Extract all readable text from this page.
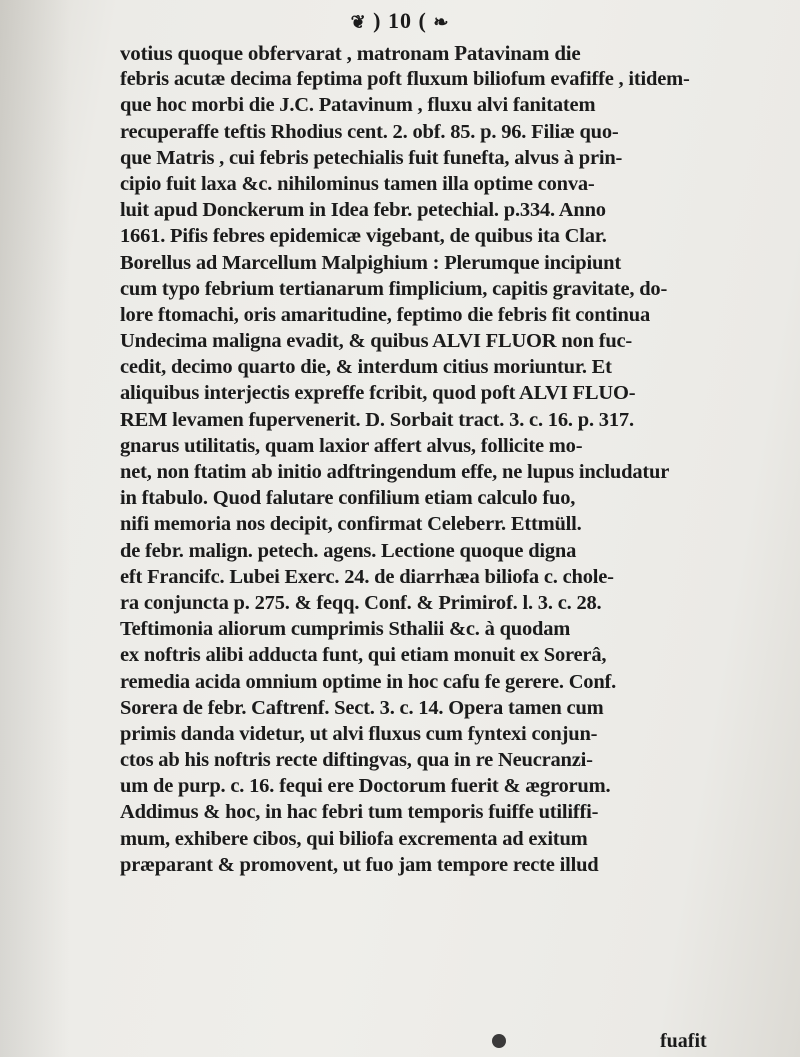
❦ ) 10 ( ❧
votius quoque obfervarat , matronam Patavinam die
febris acutæ decima feptima poft fluxum biliofum evafiffe , itidem-
que hoc morbi die J.C. Patavinum , fluxu alvi fanitatem
recuperaffe teftis Rhodius cent. 2. obf. 85. p. 96. Filiæ quo-
que Matris , cui febris petechialis fuit funefta, alvus à prin-
cipio fuit laxa &c. nihilominus tamen illa optime conva-
luit apud Donckerum in Idea febr. petechial. p.334. Anno
1661. Pifis febres epidemicæ vigebant, de quibus ita Clar.
Borellus ad Marcellum Malpighium : Plerumque incipiunt
cum typo febrium tertianarum fimplicium, capitis gravitate, do-
lore ftomachi, oris amaritudine, feptimo die febris fit continua
Undecima maligna evadit, & quibus ALVI FLUOR non fuc-
cedit, decimo quarto die, & interdum citius moriuntur. Et
aliquibus interjectis expreffe fcribit, quod poft ALVI FLUO-
REM levamen fupervenerit. D. Sorbait tract. 3. c. 16. p. 317.
gnarus utilitatis, quam laxior affert alvus, follicite mo-
net, non ftatim ab initio adftringendum effe, ne lupus includatur
in ftabulo. Quod falutare confilium etiam calculo fuo,
nifi memoria nos decipit, confirmat Celeberr. Ettmüll.
de febr. malign. petech. agens. Lectione quoque digna
eft Francifc. Lubei Exerc. 24. de diarrhæa biliofa c. chole-
ra conjuncta p. 275. & feqq. Conf. & Primirof. l. 3. c. 28.
Teftimonia aliorum cumprimis Sthalii &c. à quodam
ex noftris alibi adducta funt, qui etiam monuit ex Sorerâ,
remedia acida omnium optime in hoc cafu fe gerere. Conf.
Sorera de febr. Caftrenf. Sect. 3. c. 14. Opera tamen cum
primis danda videtur, ut alvi fluxus cum fyntexi conjun-
ctos ab his noftris recte diftingvas, qua in re Neucranzi-
um de purp. c. 16. fequi ere Doctorum fuerit & ægrorum.
Addimus & hoc, in hac febri tum temporis fuiffe utiliffi-
mum, exhibere cibos, qui biliofa excrementa ad exitum
præparant & promovent, ut fuo jam tempore recte illud
fuafit
